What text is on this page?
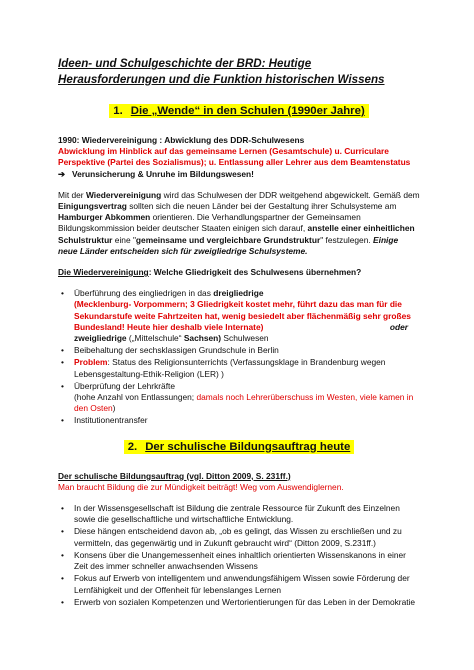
Ideen- und Schulgeschichte der BRD: Heutige Herausforderungen und die Funktion historischen Wissens
1. Die „Wende“ in den Schulen (1990er Jahre)

1990: Wiedervereinigung : Abwicklung des DDR-Schulwesens

Abwicklung im Hinblick auf das gemeinsame Lernen (Gesamtschule) u. Curriculare Perspektive (Partei des Sozialismus); u. Entlassung aller Lehrer aus dem Beamtenstatus

➔ Verunsicherung & Unruhe im Bildungswesen!

Mit der Wiedervereinigung wird das Schulwesen der DDR weitgehend abgewickelt. Gemäß dem Einigungsvertrag sollten sich die neuen Länder bei der Gestaltung ihrer Schulsysteme am Hamburger Abkommen orientieren. Die Verhandlungspartner der Gemeinsamen Bildungskommission beider deutscher Staaten einigen sich darauf, anstelle einer einheitlichen Schulstruktur eine "gemeinsame und vergleichbare Grundstruktur" festzulegen. Einige neue Länder entscheiden sich für zweigliedrige Schulsysteme.

Die Wiedervereinigung: Welche Gliedrigkeit des Schulwesens übernehmen?

• Überführung des eingliedrigen in das dreigliedrige
(Mecklenburg- Vorpommern; 3 Gliedrigkeit kostet mehr, führt dazu das man für die Sekundarstufe weite Fahrtzeiten hat, wenig besiedelt aber flächenmäßig sehr großes Bundesland! Heute hier deshalb viele Internate)	oder

zweigliedrige („Mittelschule“ Sachsen) Schulwesen
• Beibehaltung der sechsklassigen Grundschule in Berlin
• Problem: Status des Religionsunterrichts (Verfassungsklage in Brandenburg wegen Lebensgestaltung-Ethik-Religion (LER) )
• Überprüfung der Lehrkräfte
(hohe Anzahl von Entlassungen; damals noch Lehrerüberschuss im Westen, viele kamen in den Osten)
• Institutionentransfer
2. Der schulische Bildungsauftrag heute

Der schulische Bildungsauftrag (vgl. Ditton 2009, S. 231ff.)

Man braucht Bildung die zur Mündigkeit beiträgt! Weg vom Auswendiglernen.

• In der Wissensgesellschaft ist Bildung die zentrale Ressource für Zukunft des Einzelnen sowie die gesellschaftliche und wirtschaftliche Entwicklung.
• Diese hängen entscheidend davon ab, „ob es gelingt, das Wissen zu erschließen und zu vermitteln, das gegenwärtig und in Zukunft gebraucht wird“ (Ditton 2009, S.231ff.)
• Konsens über die Unangemessenheit eines inhaltlich orientierten Wissenskanons in einer Zeit des immer schneller anwachsenden Wissens
• Fokus auf Erwerb von intelligentem und anwendungsfähigem Wissen sowie Förderung der Lernfähigkeit und der Offenheit für lebenslanges Lernen
• Erwerb von sozialen Kompetenzen und Wertorientierungen für das Leben in der Demokratie
